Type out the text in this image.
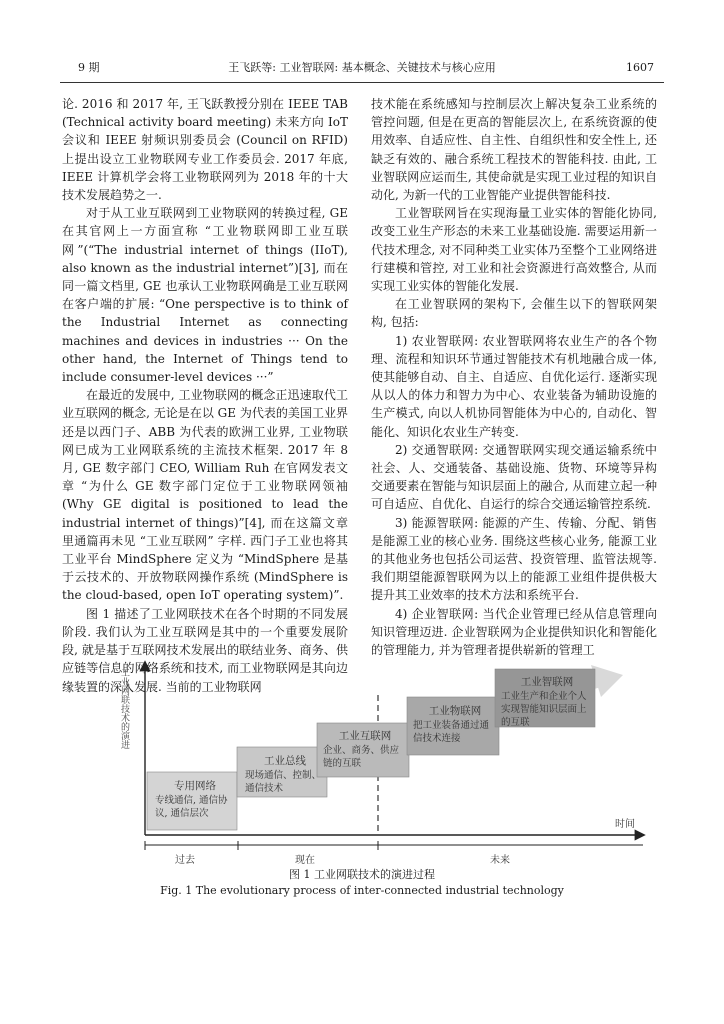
9 期	王飞跃等: 工业智联网: 基本概念、关键技术与核心应用	1607

论. 2016 和 2017 年, 王飞跃教授分别在 IEEE TAB (Technical activity board meeting) 未来方向 IoT 会议和 IEEE 射频识别委员会 (Council on RFID) 上提出设立工业物联网专业工作委员会. 2017 年底, IEEE 计算机学会将工业物联网列为 2018 年的十大技术发展趋势之一.

对于从工业互联网到工业物联网的转换过程, GE 在其官网上一方面宣称 “工业物联网即工业互联网”(“The industrial internet of things (IIoT), also known as the industrial internet”)[3], 而在同一篇文档里, GE 也承认工业物联网确是工业互联网在客户端的扩展: “One perspective is to think of the Industrial Internet as connecting machines and devices in industries ··· On the other hand, the Internet of Things tend to include consumer-level devices ···”

在最近的发展中, 工业物联网的概念正迅速取代工业互联网的概念, 无论是在以 GE 为代表的美国工业界还是以西门子、ABB 为代表的欧洲工业界, 工业物联网已成为工业网联系统的主流技术框架. 2017 年 8 月, GE 数字部门 CEO, William Ruh 在官网发表文章 “为什么 GE 数字部门定位于工业物联网领袖 (Why GE digital is positioned to lead the industrial internet of things)”[4], 而在这篇文章里通篇再未见 “工业互联网” 字样. 西门子工业也将其工业平台 MindSphere 定义为 “MindSphere 是基于云技术的、开放物联网操作系统 (MindSphere is the cloud-based, open IoT operating system)”.

图 1 描述了工业网联技术在各个时期的不同发展阶段. 我们认为工业互联网是其中的一个重要发展阶段, 就是基于互联网技术发展出的联结业务、商务、供应链等信息的网络系统和技术, 而工业物联网是其向边缘装置的深入发展. 当前的工业物联网

技术能在系统感知与控制层次上解决复杂工业系统的管控问题, 但是在更高的智能层次上, 在系统资源的使用效率、自适应性、自主性、自组织性和安全性上, 还缺乏有效的、融合系统工程技术的智能科技. 由此, 工业智联网应运而生, 其使命就是实现工业过程的知识自动化, 为新一代的工业智能产业提供智能科技.

工业智联网旨在实现海量工业实体的智能化协同, 改变工业生产形态的未来工业基础设施. 需要运用新一代技术理念, 对不同种类工业实体乃至整个工业网络进行建模和管控, 对工业和社会资源进行高效整合, 从而实现工业实体的智能化发展.

在工业智联网的架构下, 会催生以下的智联网架构, 包括:

1) 农业智联网: 农业智联网将农业生产的各个物理、流程和知识环节通过智能技术有机地融合成一体, 使其能够自动、自主、自适应、自优化运行. 逐渐实现从以人的体力和智力为中心、农业装备为辅助设施的生产模式, 向以人机协同智能体为中心的, 自动化、智能化、知识化农业生产转变.

2) 交通智联网: 交通智联网实现交通运输系统中社会、人、交通装备、基础设施、货物、环境等异构交通要素在智能与知识层面上的融合, 从而建立起一种可自适应、自优化、自运行的综合交通运输管控系统.

3) 能源智联网: 能源的产生、传输、分配、销售是能源工业的核心业务. 围绕这些核心业务, 能源工业的其他业务也包括公司运营、投资管理、监管法规等. 我们期望能源智联网为以上的能源工业组件提供极大提升其工业效率的技术方法和系统平台.

4) 企业智联网: 当代企业管理已经从信息管理向知识管理迈进. 企业智联网为企业提供知识化和智能化的管理能力, 并为管理者提供崭新的管理工

专用网络
专线通信, 通信协议, 通信层次
工业总线
现场通信、控制、通信技术
工业互联网
企业、商务、供应链的互联
工业物联网
把工业装备通过通信技术连接
工业智联网
工业生产和企业个人实现智能知识层面上的互联
过去	现在	未来
时间
工业网联技术的演进
图 1 工业网联技术的演进过程
Fig. 1 The evolutionary process of inter-connected industrial technology
